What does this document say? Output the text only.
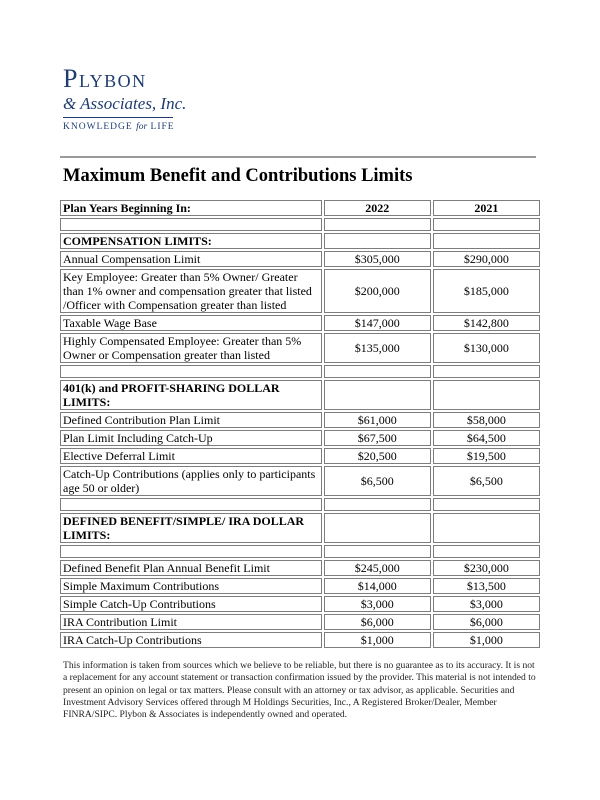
Plybon
& Associates, Inc.
KNOWLEDGE for LIFE
Maximum Benefit and Contributions Limits
Plan Years Beginning In:	2022	2021

COMPENSATION LIMITS:		
Annual Compensation Limit	$305,000	$290,000
Key Employee: Greater than 5% Owner/ Greater than 1% owner and compensation greater that listed /Officer with Compensation greater than listed	$200,000	$185,000
Taxable Wage Base	$147,000	$142,800
Highly Compensated Employee: Greater than 5% Owner or Compensation greater than listed	$135,000	$130,000

401(k) and PROFIT-SHARING DOLLAR LIMITS:		
Defined Contribution Plan Limit	$61,000	$58,000
Plan Limit Including Catch-Up	$67,500	$64,500
Elective Deferral Limit	$20,500	$19,500
Catch-Up Contributions (applies only to participants age 50 or older)	$6,500	$6,500

DEFINED BENEFIT/SIMPLE/ IRA DOLLAR LIMITS:		

Defined Benefit Plan Annual Benefit Limit	$245,000	$230,000
Simple Maximum Contributions	$14,000	$13,500
Simple Catch-Up Contributions	$3,000	$3,000
IRA Contribution Limit	$6,000	$6,000
IRA Catch-Up Contributions	$1,000	$1,000
This information is taken from sources which we believe to be reliable, but there is no guarantee as to its accuracy. It is not a replacement for any account statement or transaction confirmation issued by the provider. This material is not intended to present an opinion on legal or tax matters. Please consult with an attorney or tax advisor, as applicable. Securities and Investment Advisory Services offered through M Holdings Securities, Inc., A Registered Broker/Dealer, Member FINRA/SIPC. Plybon & Associates is independently owned and operated.
